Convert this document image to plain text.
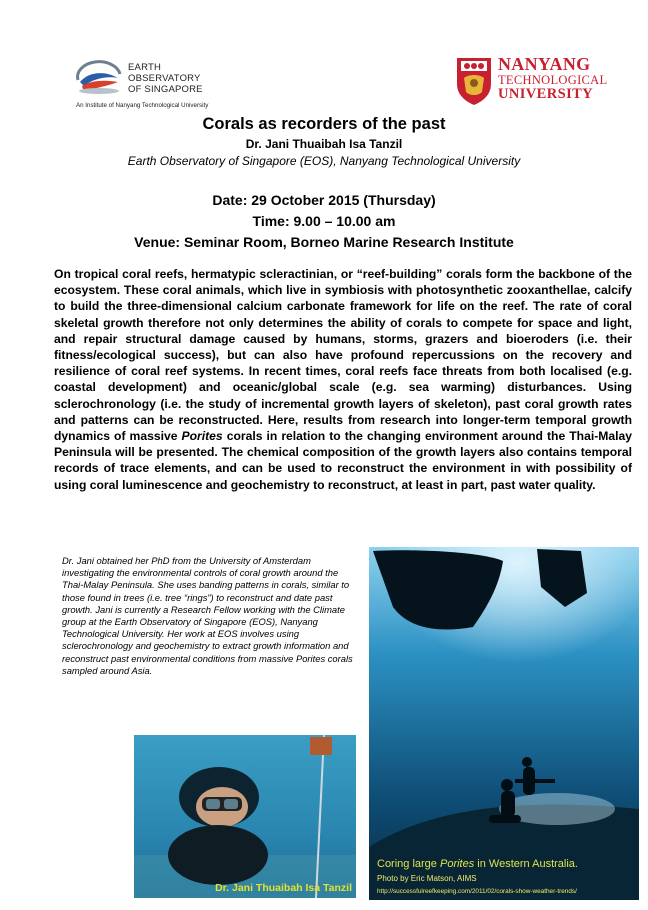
EARTH
OBSERVATORY
OF SINGAPORE
An Institute of Nanyang Technological University
NANYANG
TECHNOLOGICAL
UNIVERSITY
Corals as recorders of the past
Dr. Jani Thuaibah Isa Tanzil
Earth Observatory of Singapore (EOS), Nanyang Technological University
Date: 29 October 2015 (Thursday)
Time: 9.00 – 10.00 am
Venue: Seminar Room, Borneo Marine Research Institute
On tropical coral reefs, hermatypic scleractinian, or “reef-building” corals form the backbone of the ecosystem. These coral animals, which live in symbiosis with photosynthetic zooxanthellae, calcify to build the three-dimensional calcium carbonate framework for life on the reef. The rate of coral skeletal growth therefore not only determines the ability of corals to compete for space and light, and repair structural damage caused by humans, storms, grazers and bioeroders (i.e. their fitness/ecological success), but can also have profound repercussions on the recovery and resilience of coral reef systems. In recent times, coral reefs face threats from both localised (e.g. coastal development) and oceanic/global scale (e.g. sea warming) disturbances. Using sclerochronology (i.e. the study of incremental growth layers of skeleton), past coral growth rates and patterns can be reconstructed. Here, results from research into longer-term temporal growth dynamics of massive Porites corals in relation to the changing environment around the Thai-Malay Peninsula will be presented. The chemical composition of the growth layers also contains temporal records of trace elements, and can be used to reconstruct the environment in with possibility of using coral luminescence and geochemistry to reconstruct, at least in part, past water quality.
Dr. Jani obtained her PhD from the University of Amsterdam investigating the environmental controls of coral growth around the Thai-Malay Peninsula. She uses banding patterns in corals, similar to those found in trees (i.e. tree “rings”) to reconstruct and date past growth. Jani is currently a Research Fellow working with the Climate group at the Earth Observatory of Singapore (EOS), Nanyang Technological University. Her work at EOS involves using sclerochronology and geochemistry to extract growth information and reconstruct past environmental conditions from massive Porites corals sampled around Asia.
Dr. Jani Thuaibah Isa Tanzil
Coring large Porites in Western Australia.
Photo by Eric Matson, AIMS
http://successfulreefkeeping.com/2011/02/corals-show-weather-trends/
